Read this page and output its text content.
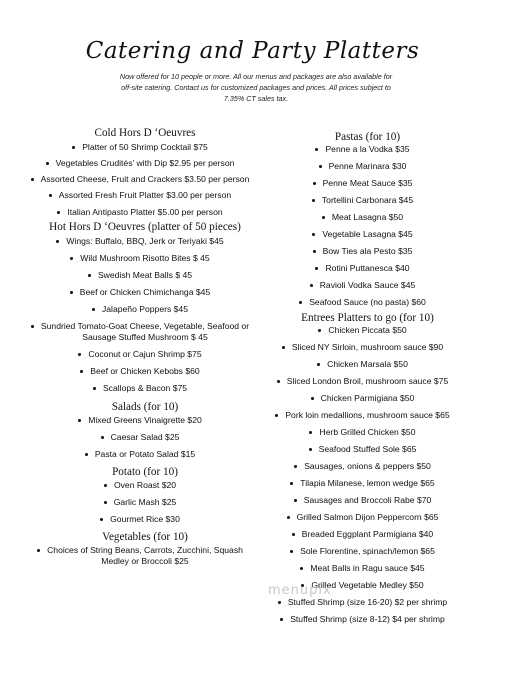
Catering and Party Platters
Now offered for 10 people or more. All our menus and packages are also available for off-site catering. Contact us for customized packages and prices. All prices subject to 7.35% CT sales tax.
Cold Hors D ‘Oeuvres
Platter of 50 Shrimp Cocktail $75
Vegetables Crudités’ with Dip $2.95 per person
Assorted Cheese, Fruit and Crackers $3.50 per person
Assorted Fresh Fruit Platter $3.00 per person
Italian Antipasto Platter $5.00 per person
Hot Hors D ‘Oeuvres (platter of 50 pieces)
Wings: Buffalo, BBQ, Jerk or Teriyaki $45
Wild Mushroom Risotto Bites $ 45
Swedish Meat Balls $ 45
Beef or Chicken Chimichanga $45
Jalapeño Poppers $45
Sundried Tomato-Goat Cheese, Vegetable, Seafood or Sausage Stuffed Mushroom $ 45
Coconut or Cajun Shrimp $75
Beef or Chicken Kebobs $60
Scallops & Bacon $75
Salads (for 10)
Mixed Greens Vinaigrette $20
Caesar Salad $25
Pasta or Potato Salad $15
Potato (for 10)
Oven Roast $20
Garlic Mash $25
Gourmet Rice $30
Vegetables (for 10)
Choices of String Beans, Carrots, Zucchini, Squash Medley or Broccoli $25
Pastas (for 10)
Penne a la Vodka $35
Penne Marinara $30
Penne Meat Sauce $35
Tortellini Carbonara $45
Meat Lasagna $50
Vegetable Lasagna $45
Bow Ties ala Pesto $35
Rotini Puttanesca $40
Ravioli Vodka Sauce $45
Seafood Sauce (no pasta) $60
Entrees Platters to go (for 10)
Chicken Piccata $50
Sliced NY Sirloin, mushroom sauce $90
Chicken Marsala $50
Sliced London Broil, mushroom sauce $75
Chicken Parmigiana $50
Pork loin medallions, mushroom sauce $65
Herb Grilled Chicken $50
Seafood Stuffed Sole $65
Sausages, onions & peppers $50
Tilapia Milanese, lemon wedge $65
Sausages and Broccoli Rabe $70
Grilled Salmon Dijon Peppercorn $65
Breaded Eggplant Parmigiana $40
Sole Florentine, spinach/lemon $65
Meat Balls in Ragu sauce $45
Grilled Vegetable Medley $50
Stuffed Shrimp (size 16-20) $2 per shrimp
Stuffed Shrimp (size 8-12) $4 per shrimp
menupix
